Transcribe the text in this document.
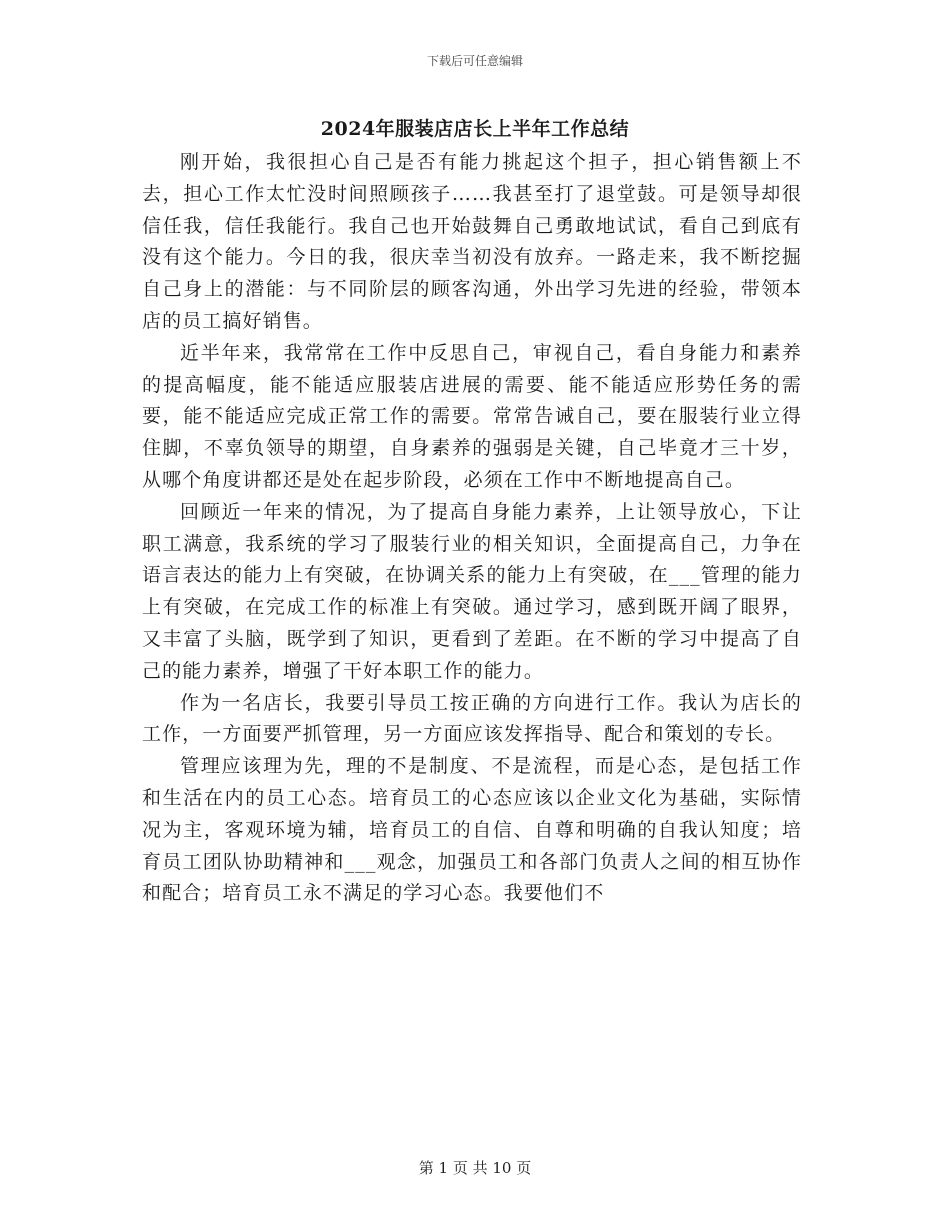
下载后可任意编辑
2024年服装店店长上半年工作总结

刚开始，我很担心自己是否有能力挑起这个担子，担心销售额上不去，担心工作太忙没时间照顾孩子……我甚至打了退堂鼓。可是领导却很信任我，信任我能行。我自己也开始鼓舞自己勇敢地试试，看自己到底有没有这个能力。今日的我，很庆幸当初没有放弃。一路走来，我不断挖掘自己身上的潜能：与不同阶层的顾客沟通，外出学习先进的经验，带领本店的员工搞好销售。

近半年来，我常常在工作中反思自己，审视自己，看自身能力和素养的提高幅度，能不能适应服装店进展的需要、能不能适应形势任务的需要，能不能适应完成正常工作的需要。常常告诫自己，要在服装行业立得住脚，不辜负领导的期望，自身素养的强弱是关键，自己毕竟才三十岁，从哪个角度讲都还是处在起步阶段，必须在工作中不断地提高自己。

回顾近一年来的情况，为了提高自身能力素养，上让领导放心，下让职工满意，我系统的学习了服装行业的相关知识，全面提高自己，力争在语言表达的能力上有突破，在协调关系的能力上有突破，在___管理的能力上有突破，在完成工作的标准上有突破。通过学习，感到既开阔了眼界，又丰富了头脑，既学到了知识，更看到了差距。在不断的学习中提高了自己的能力素养，增强了干好本职工作的能力。

作为一名店长，我要引导员工按正确的方向进行工作。我认为店长的工作，一方面要严抓管理，另一方面应该发挥指导、配合和策划的专长。

管理应该理为先，理的不是制度、不是流程，而是心态，是包括工作和生活在内的员工心态。培育员工的心态应该以企业文化为基础，实际情况为主，客观环境为辅，培育员工的自信、自尊和明确的自我认知度；培育员工团队协助精神和___观念，加强员工和各部门负责人之间的相互协作和配合；培育员工永不满足的学习心态。我要他们不

第 1 页 共 10 页
